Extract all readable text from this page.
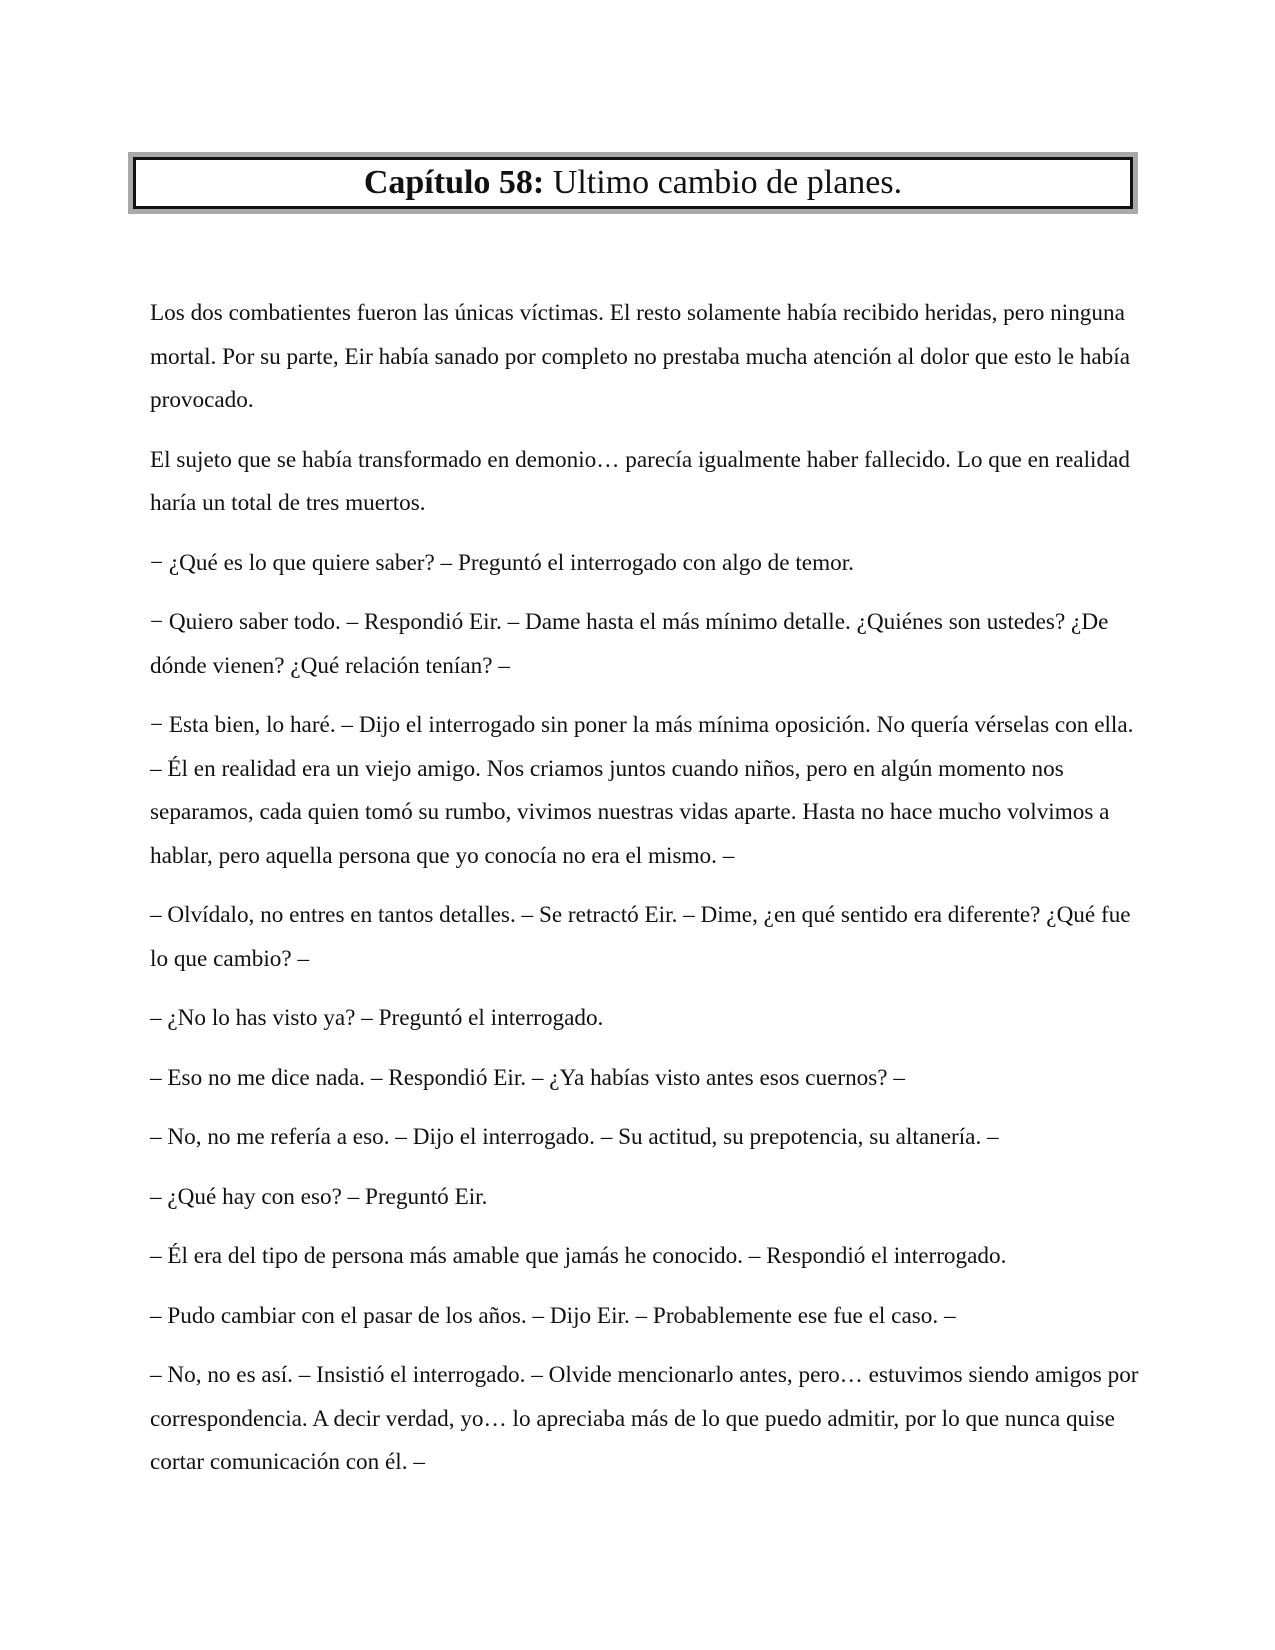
Capítulo 58: Ultimo cambio de planes.

Los dos combatientes fueron las únicas víctimas. El resto solamente había recibido heridas, pero ninguna mortal. Por su parte, Eir había sanado por completo no prestaba mucha atención al dolor que esto le había provocado.

El sujeto que se había transformado en demonio… parecía igualmente haber fallecido. Lo que en realidad haría un total de tres muertos.

− ¿Qué es lo que quiere saber? – Preguntó el interrogado con algo de temor.

− Quiero saber todo. – Respondió Eir. – Dame hasta el más mínimo detalle. ¿Quiénes son ustedes? ¿De dónde vienen? ¿Qué relación tenían? –

− Esta bien, lo haré. – Dijo el interrogado sin poner la más mínima oposición. No quería vérselas con ella. – Él en realidad era un viejo amigo. Nos criamos juntos cuando niños, pero en algún momento nos separamos, cada quien tomó su rumbo, vivimos nuestras vidas aparte. Hasta no hace mucho volvimos a hablar, pero aquella persona que yo conocía no era el mismo. –

– Olvídalo, no entres en tantos detalles. – Se retractó Eir. – Dime, ¿en qué sentido era diferente? ¿Qué fue lo que cambio? –

– ¿No lo has visto ya? – Preguntó el interrogado.

– Eso no me dice nada. – Respondió Eir. – ¿Ya habías visto antes esos cuernos? –

– No, no me refería a eso. – Dijo el interrogado. – Su actitud, su prepotencia, su altanería. –

– ¿Qué hay con eso? – Preguntó Eir.

– Él era del tipo de persona más amable que jamás he conocido. – Respondió el interrogado.

– Pudo cambiar con el pasar de los años. – Dijo Eir. – Probablemente ese fue el caso. –

– No, no es así. – Insistió el interrogado. – Olvide mencionarlo antes, pero… estuvimos siendo amigos por correspondencia. A decir verdad, yo… lo apreciaba más de lo que puedo admitir, por lo que nunca quise cortar comunicación con él. –
